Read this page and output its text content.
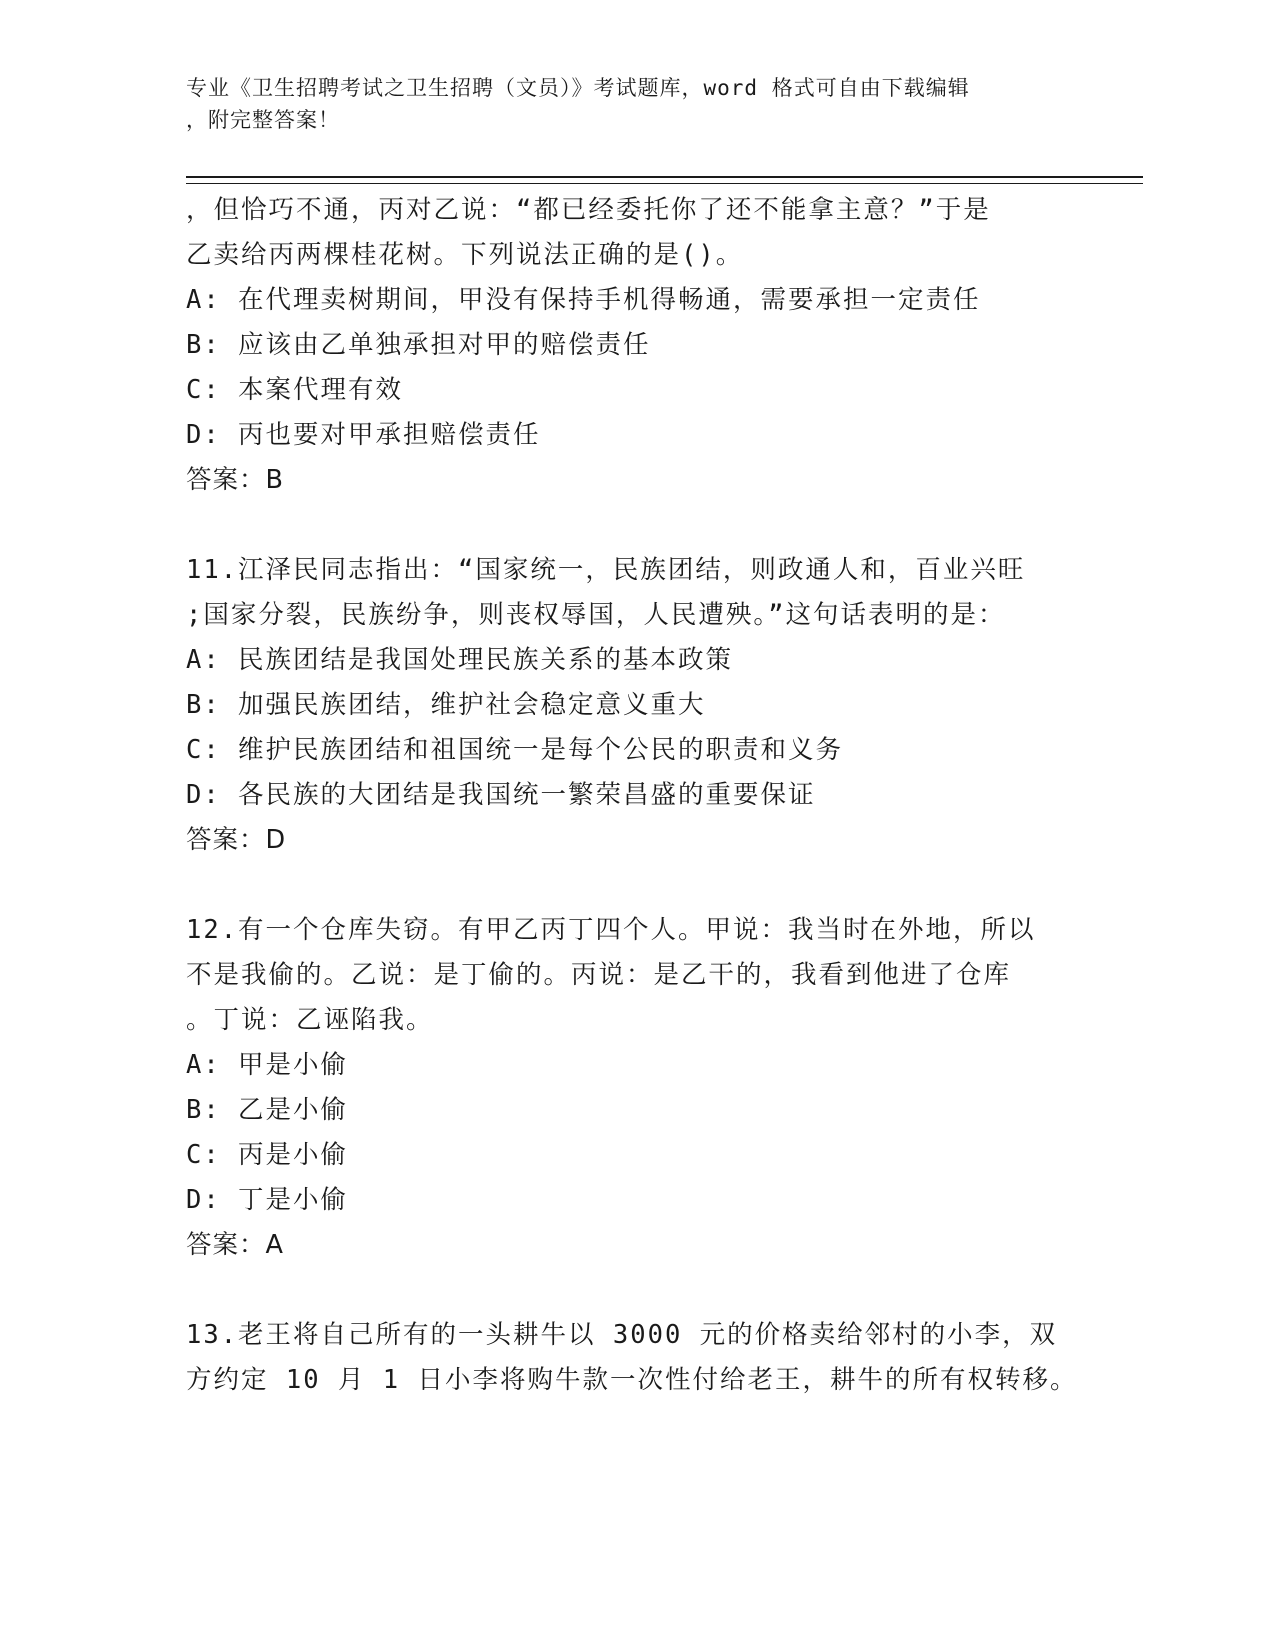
专业《卫生招聘考试之卫生招聘（文员）》考试题库，word 格式可自由下载编辑
，附完整答案！
，但恰巧不通，丙对乙说：“都已经委托你了还不能拿主意？”于是
乙卖给丙两棵桂花树。下列说法正确的是()。
A: 在代理卖树期间，甲没有保持手机得畅通，需要承担一定责任
B: 应该由乙单独承担对甲的赔偿责任
C: 本案代理有效
D: 丙也要对甲承担赔偿责任
答案：B
11.江泽民同志指出：“国家统一，民族团结，则政通人和，百业兴旺
;国家分裂，民族纷争，则丧权辱国，人民遭殃。”这句话表明的是：
A: 民族团结是我国处理民族关系的基本政策
B: 加强民族团结，维护社会稳定意义重大
C: 维护民族团结和祖国统一是每个公民的职责和义务
D: 各民族的大团结是我国统一繁荣昌盛的重要保证
答案：D
12.有一个仓库失窃。有甲乙丙丁四个人。甲说：我当时在外地，所以
不是我偷的。乙说：是丁偷的。丙说：是乙干的，我看到他进了仓库
。丁说：乙诬陷我。
A: 甲是小偷
B: 乙是小偷
C: 丙是小偷
D: 丁是小偷
答案：A
13.老王将自己所有的一头耕牛以 3000 元的价格卖给邻村的小李，双
方约定 10 月 1 日小李将购牛款一次性付给老王，耕牛的所有权转移。
